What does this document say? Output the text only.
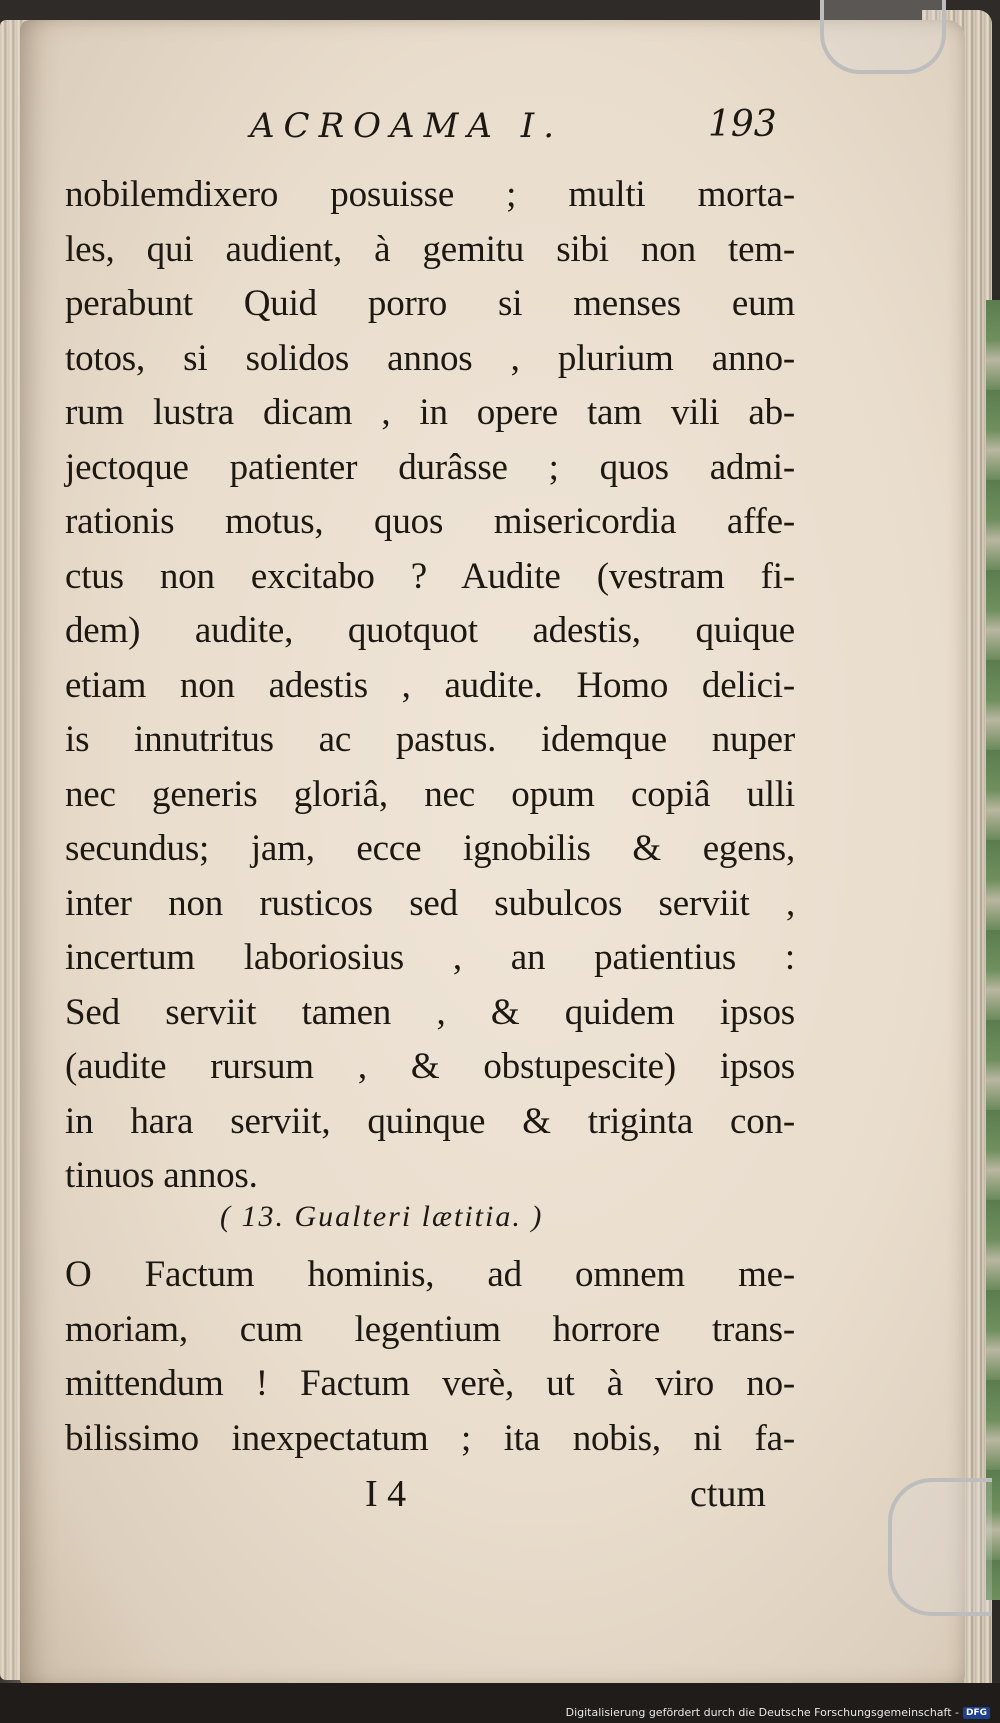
ACROAMA I.	193
nobilemdixero posuisse ; multi morta-
les, qui audient, à gemitu sibi non tem-
perabunt Quid porro si menses eum
totos, si solidos annos , plurium anno-
rum lustra dicam , in opere tam vili ab-
jectoque patienter durâsse ; quos admi-
rationis motus, quos misericordia affe-
ctus non excitabo ? Audite (vestram fi-
dem) audite, quotquot adestis, quique
etiam non adestis , audite. Homo delici-
is innutritus ac pastus. idemque nuper
nec generis gloriâ, nec opum copiâ ulli
secundus; jam, ecce ignobilis & egens,
inter non rusticos sed subulcos serviit ,
incertum laboriosius , an patientius :
Sed serviit tamen , & quidem ipsos
(audite rursum , & obstupescite) ipsos
in hara serviit, quinque & triginta con-
tinuos annos.
( 13. Gualteri lætitia. )
O Factum hominis, ad omnem me-
moriam, cum legentium horrore trans-
mittendum ! Factum verè, ut à viro no-
bilissimo inexpectatum ; ita nobis, ni fa-
I 4	ctum
Digitalisierung gefördert durch die Deutsche Forschungsgemeinschaft - DFG
